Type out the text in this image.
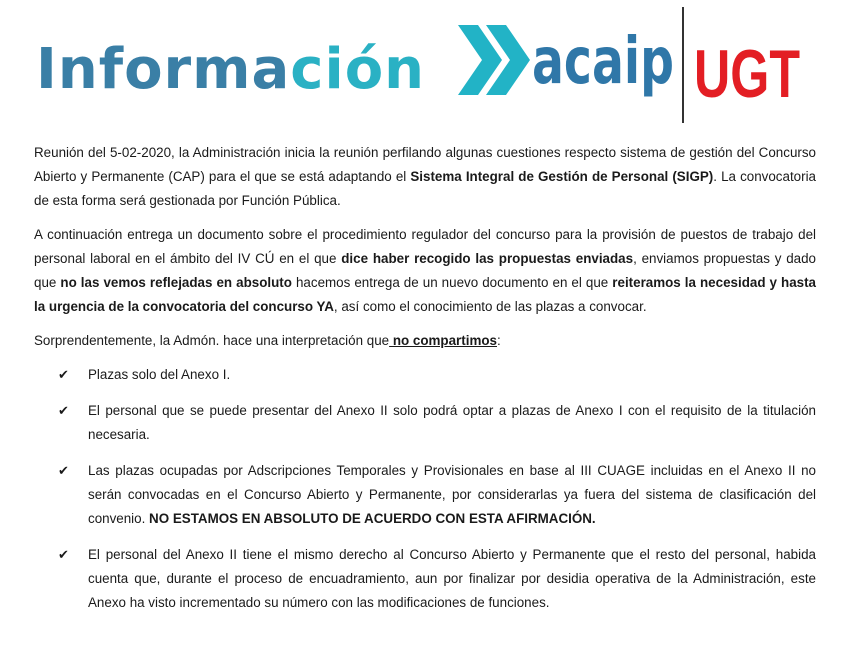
Información acaip UGT

Reunión del 5-02-2020, la Administración inicia la reunión perfilando algunas cuestiones respecto sistema de gestión del Concurso Abierto y Permanente (CAP) para el que se está adaptando el Sistema Integral de Gestión de Personal (SIGP). La convocatoria de esta forma será gestionada por Función Pública.

A continuación entrega un documento sobre el procedimiento regulador del concurso para la provisión de puestos de trabajo del personal laboral en el ámbito del IV CÚ en el que dice haber recogido las propuestas enviadas, enviamos propuestas y dado que no las vemos reflejadas en absoluto hacemos entrega de un nuevo documento en el que reiteramos la necesidad y hasta la urgencia de la convocatoria del concurso YA, así como el conocimiento de las plazas a convocar.

Sorprendentemente, la Admón. hace una interpretación que no compartimos:

✔ Plazas solo del Anexo I.
✔ El personal que se puede presentar del Anexo II solo podrá optar a plazas de Anexo I con el requisito de la titulación necesaria.
✔ Las plazas ocupadas por Adscripciones Temporales y Provisionales en base al III CUAGE incluidas en el Anexo II no serán convocadas en el Concurso Abierto y Permanente, por considerarlas ya fuera del sistema de clasificación del convenio. NO ESTAMOS EN ABSOLUTO DE ACUERDO CON ESTA AFIRMACIÓN.
✔ El personal del Anexo II tiene el mismo derecho al Concurso Abierto y Permanente que el resto del personal, habida cuenta que, durante el proceso de encuadramiento, aun por finalizar por desidia operativa de la Administración, este Anexo ha visto incrementado su número con las modificaciones de funciones.
